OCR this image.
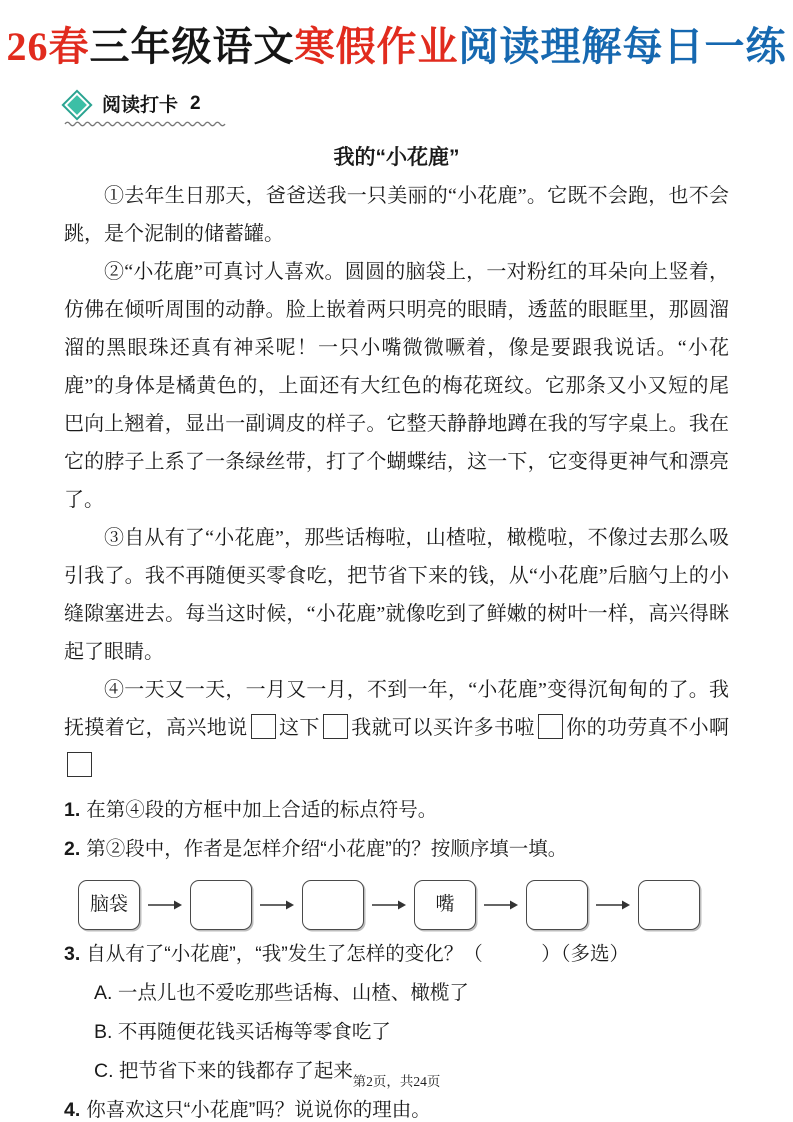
26春三年级语文寒假作业阅读理解每日一练
阅读打卡 2
我的“小花鹿”

①去年生日那天，爸爸送我一只美丽的“小花鹿”。它既不会跑，也不会跳，是个泥制的储蓄罐。

②“小花鹿”可真讨人喜欢。圆圆的脑袋上，一对粉红的耳朵向上竖着，仿佛在倾听周围的动静。脸上嵌着两只明亮的眼睛，透蓝的眼眶里，那圆溜溜的黑眼珠还真有神采呢！一只小嘴微微噘着，像是要跟我说话。“小花鹿”的身体是橘黄色的，上面还有大红色的梅花斑纹。它那条又小又短的尾巴向上翘着，显出一副调皮的样子。它整天静静地蹲在我的写字桌上。我在它的脖子上系了一条绿丝带，打了个蝴蝶结，这一下，它变得更神气和漂亮了。

③自从有了“小花鹿”，那些话梅啦，山楂啦，橄榄啦，不像过去那么吸引我了。我不再随便买零食吃，把节省下来的钱，从“小花鹿”后脑勺上的小缝隙塞进去。每当这时候，“小花鹿”就像吃到了鲜嫩的树叶一样，高兴得眯起了眼睛。

④一天又一天，一月又一月，不到一年，“小花鹿”变得沉甸甸的了。我抚摸着它，高兴地说 这下 我就可以买许多书啦 你的功劳真不小啊

1. 在第④段的方框中加上合适的标点符号。
2. 第②段中，作者是怎样介绍“小花鹿”的？按顺序填一填。
脑袋	嘴
3. 自从有了“小花鹿”，“我”发生了怎样的变化？（　　　）（多选）
A. 一点儿也不爱吃那些话梅、山楂、橄榄了
B. 不再随便花钱买话梅等零食吃了
C. 把节省下来的钱都存了起来
4. 你喜欢这只“小花鹿”吗？说说你的理由。
第2页，共24页
